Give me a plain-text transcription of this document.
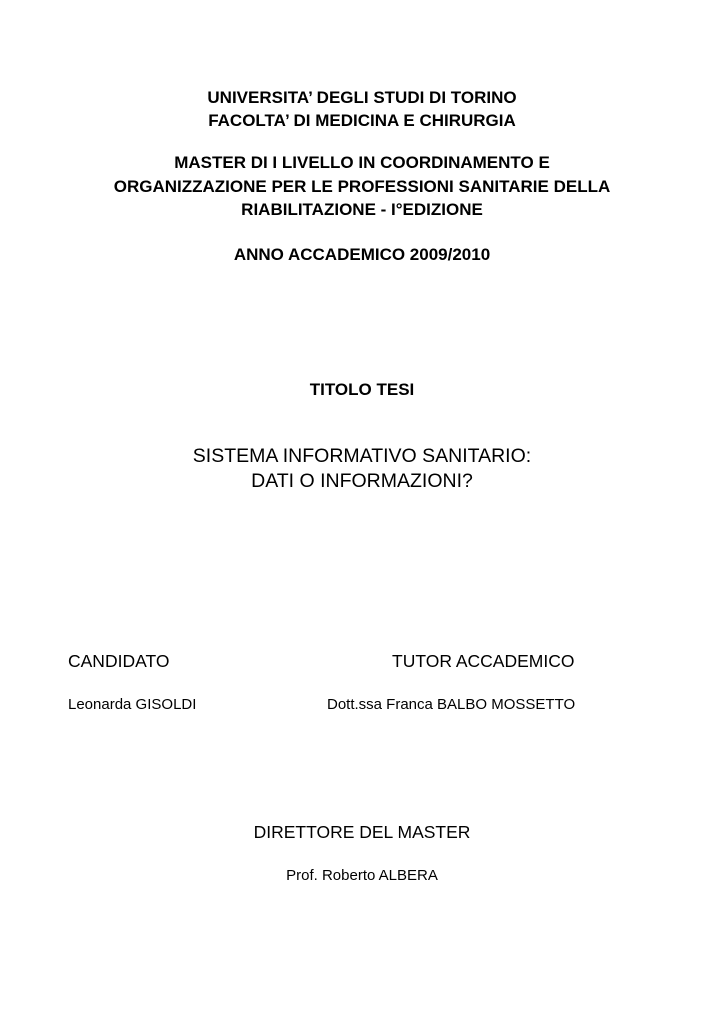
UNIVERSITA’ DEGLI STUDI DI TORINO
FACOLTA’ DI MEDICINA E CHIRURGIA
MASTER DI I LIVELLO IN COORDINAMENTO E
ORGANIZZAZIONE PER LE PROFESSIONI SANITARIE DELLA
RIABILITAZIONE - I°EDIZIONE
ANNO ACCADEMICO 2009/2010
TITOLO TESI
SISTEMA INFORMATIVO SANITARIO:
DATI O INFORMAZIONI?
CANDIDATO	TUTOR ACCADEMICO
Leonarda GISOLDI	Dott.ssa Franca BALBO MOSSETTO
DIRETTORE DEL MASTER
Prof. Roberto ALBERA
